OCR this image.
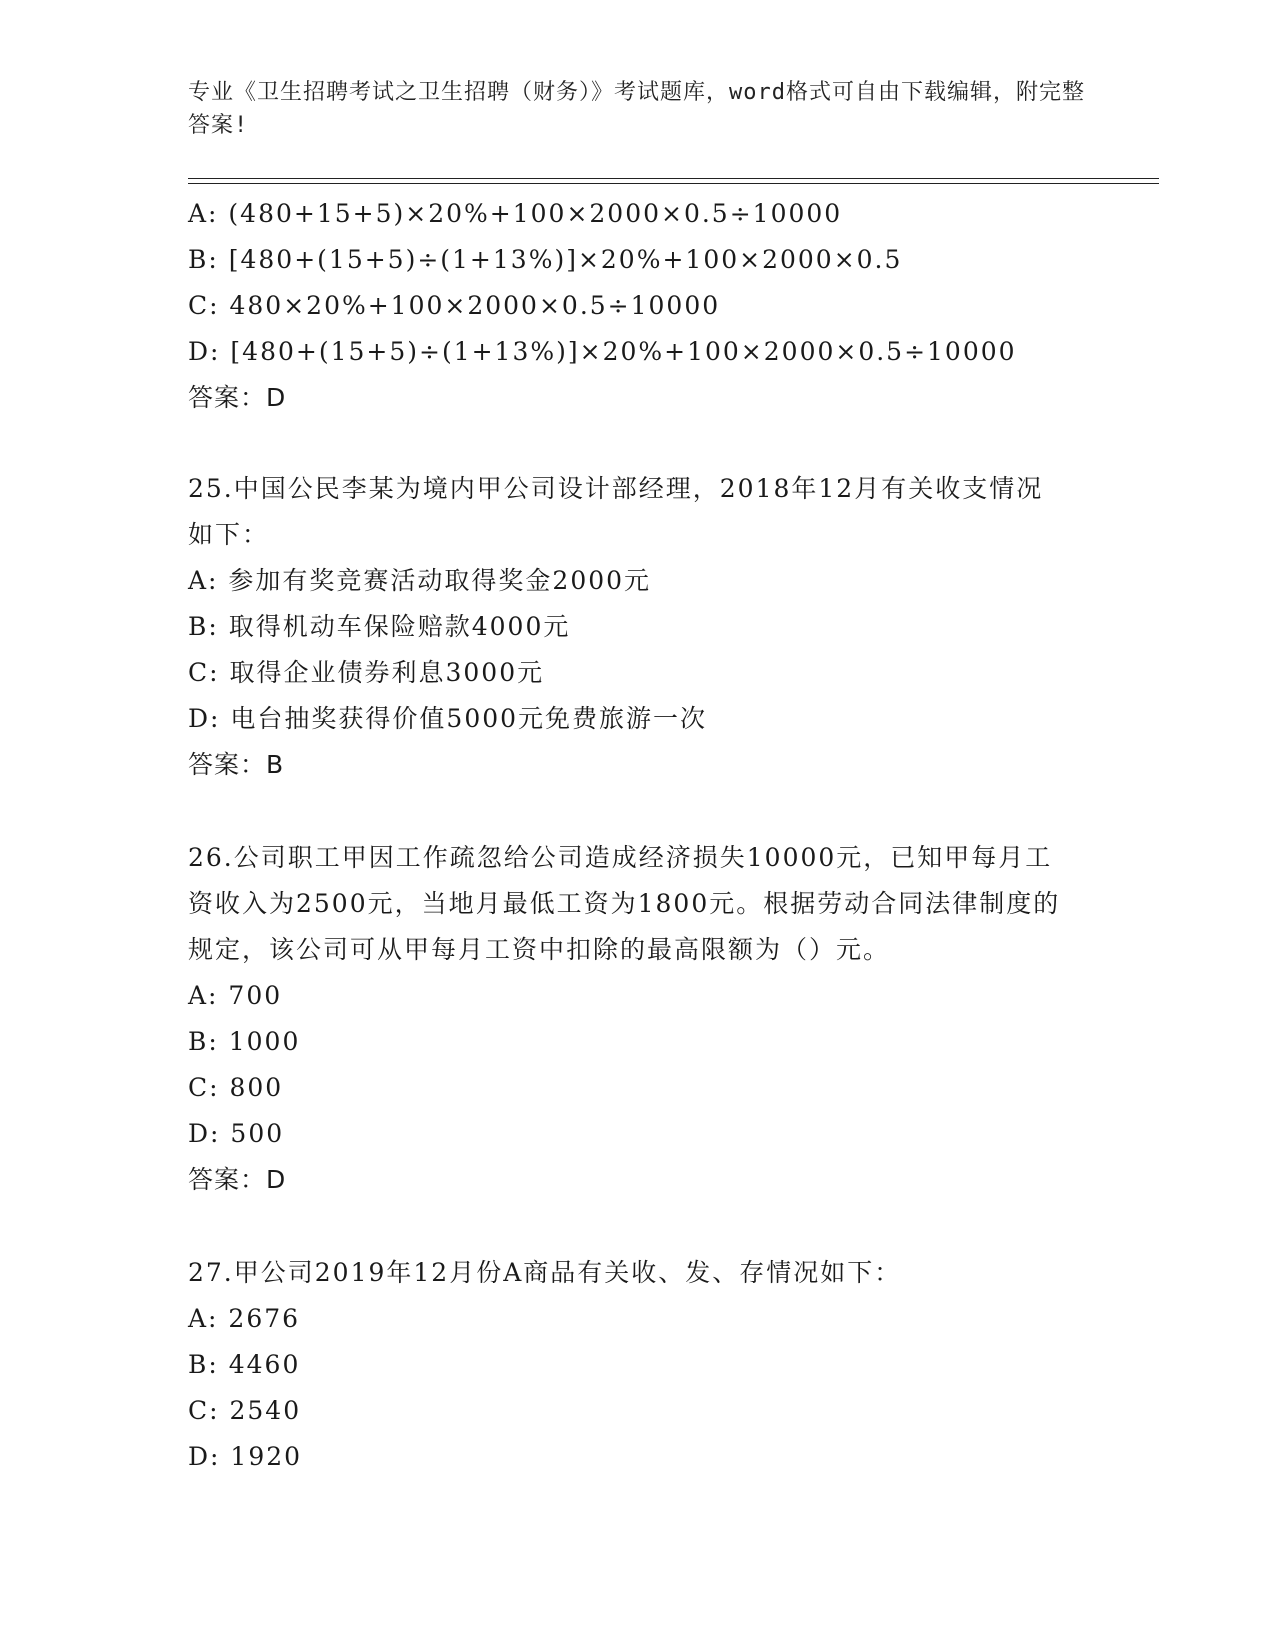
专业《卫生招聘考试之卫生招聘（财务）》考试题库，word格式可自由下载编辑，附完整答案!
A: (480+15+5)×20%+100×2000×0.5÷10000
B: [480+(15+5)÷(1+13%)]×20%+100×2000×0.5
C: 480×20%+100×2000×0.5÷10000
D: [480+(15+5)÷(1+13%)]×20%+100×2000×0.5÷10000
答案：D
25.中国公民李某为境内甲公司设计部经理，2018年12月有关收支情况如下：
A: 参加有奖竞赛活动取得奖金2000元
B: 取得机动车保险赔款4000元
C: 取得企业债券利息3000元
D: 电台抽奖获得价值5000元免费旅游一次
答案：B
26.公司职工甲因工作疏忽给公司造成经济损失10000元，已知甲每月工资收入为2500元，当地月最低工资为1800元。根据劳动合同法律制度的规定，该公司可从甲每月工资中扣除的最高限额为（）元。
A: 700
B: 1000
C: 800
D: 500
答案：D
27.甲公司2019年12月份A商品有关收、发、存情况如下：
A: 2676
B: 4460
C: 2540
D: 1920
